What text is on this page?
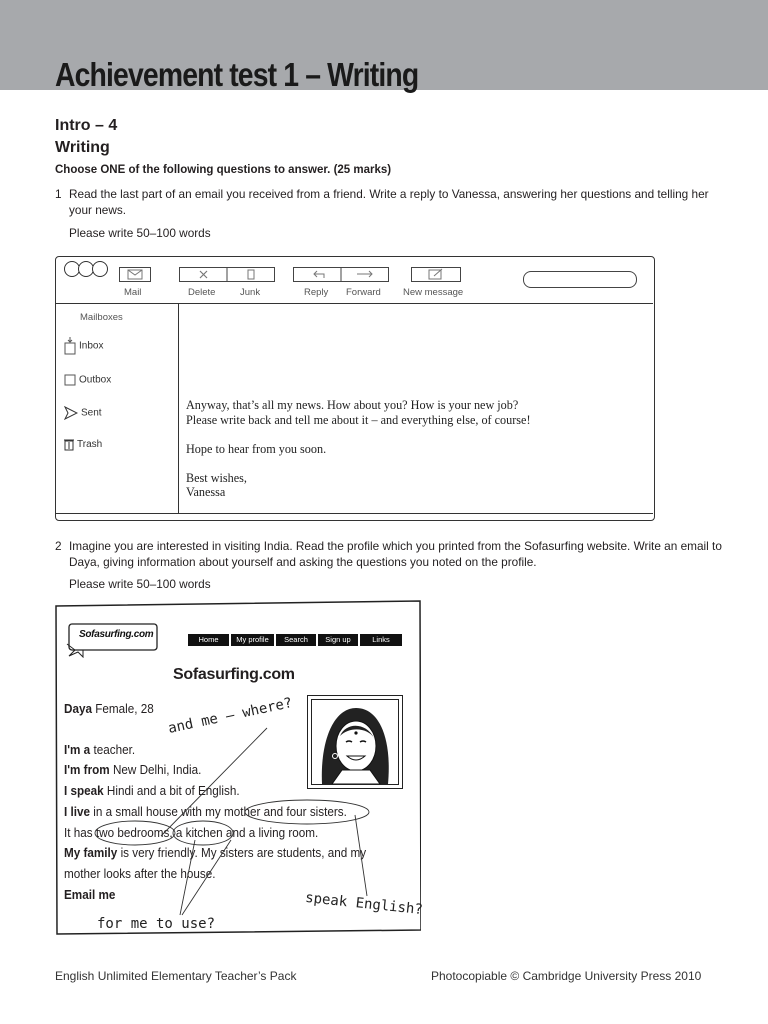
Achievement test 1 – Writing
Intro – 4
Writing
Choose ONE of the following questions to answer. (25 marks)
1 Read the last part of an email you received from a friend. Write a reply to Vanessa, answering her questions and telling her your news.
Please write 50–100 words
Mail	Delete	Junk	Reply Forward New message
Mailboxes
Inbox
Outbox
Sent
Trash

Anyway, that’s all my news. How about you? How is your new job?

Please write back and tell me about it – and everything else, of course!

Hope to hear from you soon.

Best wishes,

Vanessa

2 Imagine you are interested in visiting India. Read the profile which you printed from the Sofasurfing website. Write an email to Daya, giving information about yourself and asking the questions you noted on the profile.
Please write 50–100 words
Sofasurfing.com	Home	My profile	Search	Sign up	Links
Sofasurfing.com
Daya Female, 28
I'm a teacher.
I'm from New Delhi, India.
I speak Hindi and a bit of English.
I live in a small house with my mother and four sisters.
It has two bedrooms, a kitchen and a living room.
My family is very friendly. My sisters are students, and my
mother looks after the house.
Email me
and me – where?
speak English?
for me to use?
English Unlimited Elementary Teacher’s Pack	Photocopiable © Cambridge University Press 2010
